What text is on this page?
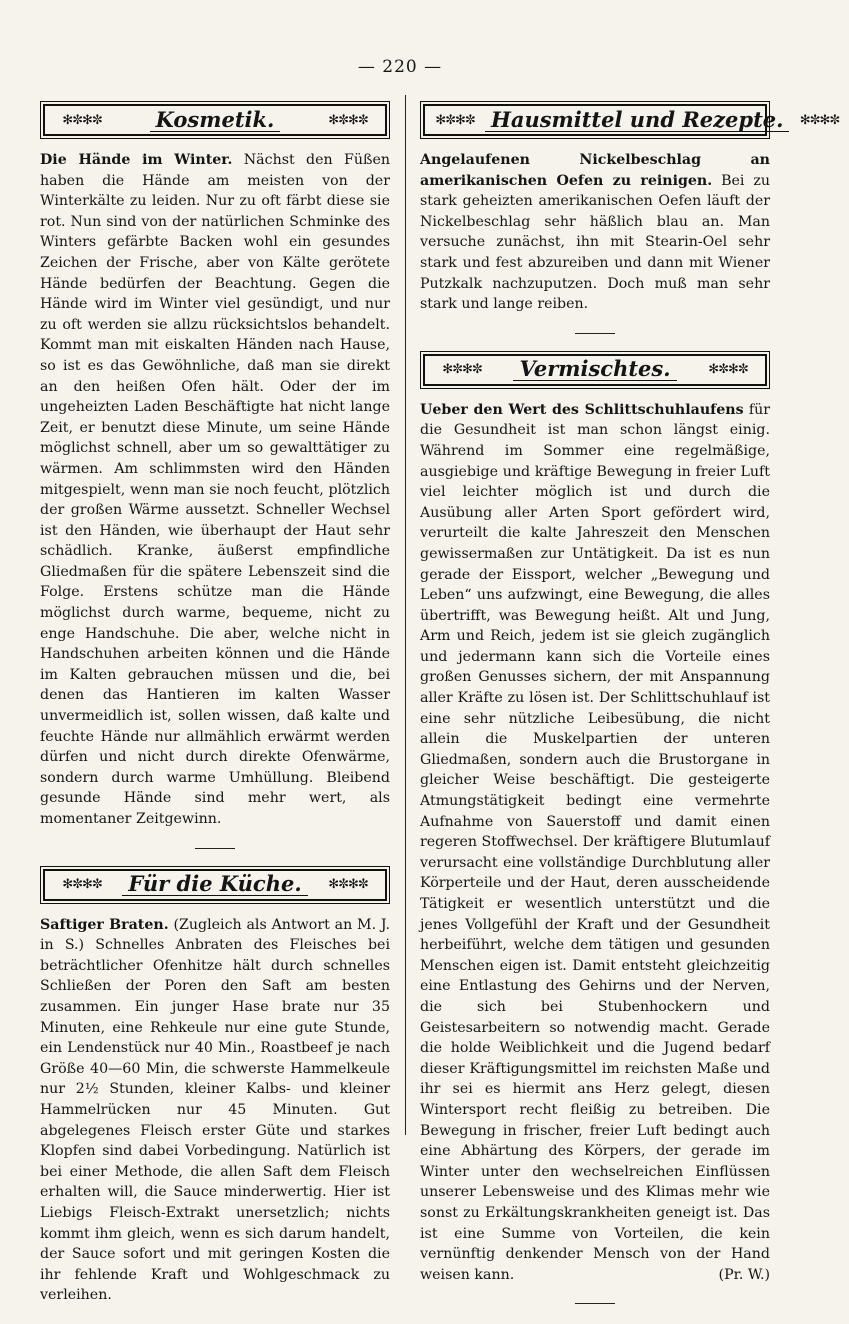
— 220 —
✻✼✻✼	Kosmetik.	✻✼✻✼

Die Hände im Winter. Nächst den Füßen haben die Hände am meisten von der Winterkälte zu leiden. Nur zu oft färbt diese sie rot. Nun sind von der natürlichen Schminke des Winters gefärbte Backen wohl ein gesundes Zeichen der Frische, aber von Kälte gerötete Hände bedürfen der Beachtung. Gegen die Hände wird im Winter viel gesündigt, und nur zu oft werden sie allzu rücksichtslos behandelt. Kommt man mit eiskalten Händen nach Hause, so ist es das Gewöhnliche, daß man sie direkt an den heißen Ofen hält. Oder der im ungeheizten Laden Beschäftigte hat nicht lange Zeit, er benutzt diese Minute, um seine Hände möglichst schnell, aber um so gewalttätiger zu wärmen. Am schlimmsten wird den Händen mitgespielt, wenn man sie noch feucht, plötzlich der großen Wärme aussetzt. Schneller Wechsel ist den Händen, wie überhaupt der Haut sehr schädlich. Kranke, äußerst empfindliche Gliedmaßen für die spätere Lebenszeit sind die Folge. Erstens schütze man die Hände möglichst durch warme, bequeme, nicht zu enge Handschuhe. Die aber, welche nicht in Handschuhen arbeiten können und die Hände im Kalten gebrauchen müssen und die, bei denen das Hantieren im kalten Wasser unvermeidlich ist, sollen wissen, daß kalte und feuchte Hände nur allmählich erwärmt werden dürfen und nicht durch direkte Ofenwärme, sondern durch warme Umhüllung. Bleibend gesunde Hände sind mehr wert, als momentaner Zeitgewinn.

✻✼✻✼	Für die Küche.	✻✼✻✼

Saftiger Braten. (Zugleich als Antwort an M. J. in S.) Schnelles Anbraten des Fleisches bei beträchtlicher Ofenhitze hält durch schnelles Schließen der Poren den Saft am besten zusammen. Ein junger Hase brate nur 35 Minuten, eine Rehkeule nur eine gute Stunde, ein Lendenstück nur 40 Min., Roastbeef je nach Größe 40—60 Min, die schwerste Hammelkeule nur 2½ Stunden, kleiner Kalbs- und kleiner Hammelrücken nur 45 Minuten. Gut abgelegenes Fleisch erster Güte und starkes Klopfen sind dabei Vorbedingung. Natürlich ist bei einer Methode, die allen Saft dem Fleisch erhalten will, die Sauce minderwertig. Hier ist Liebigs Fleisch-Extrakt unersetzlich; nichts kommt ihm gleich, wenn es sich darum handelt, der Sauce sofort und mit geringen Kosten die ihr fehlende Kraft und Wohlgeschmack zu verleihen.

✻✼✻✼ Hausmittel und Rezepte.	✻✼✻✼

Angelaufenen Nickelbeschlag an amerikanischen Oefen zu reinigen. Bei zu stark geheizten amerikanischen Oefen läuft der Nickelbeschlag sehr häßlich blau an. Man versuche zunächst, ihn mit Stearin-Oel sehr stark und fest abzureiben und dann mit Wiener Putzkalk nachzuputzen. Doch muß man sehr stark und lange reiben.

✻✼✻✼	Vermischtes.	✻✼✻✼

Ueber den Wert des Schlittschuhlaufens für die Gesundheit ist man schon längst einig. Während im Sommer eine regelmäßige, ausgiebige und kräftige Bewegung in freier Luft viel leichter möglich ist und durch die Ausübung aller Arten Sport gefördert wird, verurteilt die kalte Jahreszeit den Menschen gewissermaßen zur Untätigkeit. Da ist es nun gerade der Eissport, welcher „Bewegung und Leben“ uns aufzwingt, eine Bewegung, die alles übertrifft, was Bewegung heißt. Alt und Jung, Arm und Reich, jedem ist sie gleich zugänglich und jedermann kann sich die Vorteile eines großen Genusses sichern, der mit Anspannung aller Kräfte zu lösen ist. Der Schlittschuhlauf ist eine sehr nützliche Leibesübung, die nicht allein die Muskelpartien der unteren Gliedmaßen, sondern auch die Brustorgane in gleicher Weise beschäftigt. Die gesteigerte Atmungstätigkeit bedingt eine vermehrte Aufnahme von Sauerstoff und damit einen regeren Stoffwechsel. Der kräftigere Blutumlauf verursacht eine vollständige Durchblutung aller Körperteile und der Haut, deren ausscheidende Tätigkeit er wesentlich unterstützt und die jenes Vollgefühl der Kraft und der Gesundheit herbeiführt, welche dem tätigen und gesunden Menschen eigen ist. Damit entsteht gleichzeitig eine Entlastung des Gehirns und der Nerven, die sich bei Stubenhockern und Geistesarbeitern so notwendig macht. Gerade die holde Weiblichkeit und die Jugend bedarf dieser Kräftigungsmittel im reichsten Maße und ihr sei es hiermit ans Herz gelegt, diesen Wintersport recht fleißig zu betreiben. Die Bewegung in frischer, freier Luft bedingt auch eine Abhärtung des Körpers, der gerade im Winter unter den wechselreichen Einflüssen unserer Lebensweise und des Klimas mehr wie sonst zu Erkältungskrankheiten geneigt ist. Das ist eine Summe von Vorteilen, die kein vernünftig denkender Mensch von der Hand weisen kann.	(Pr. W.)
